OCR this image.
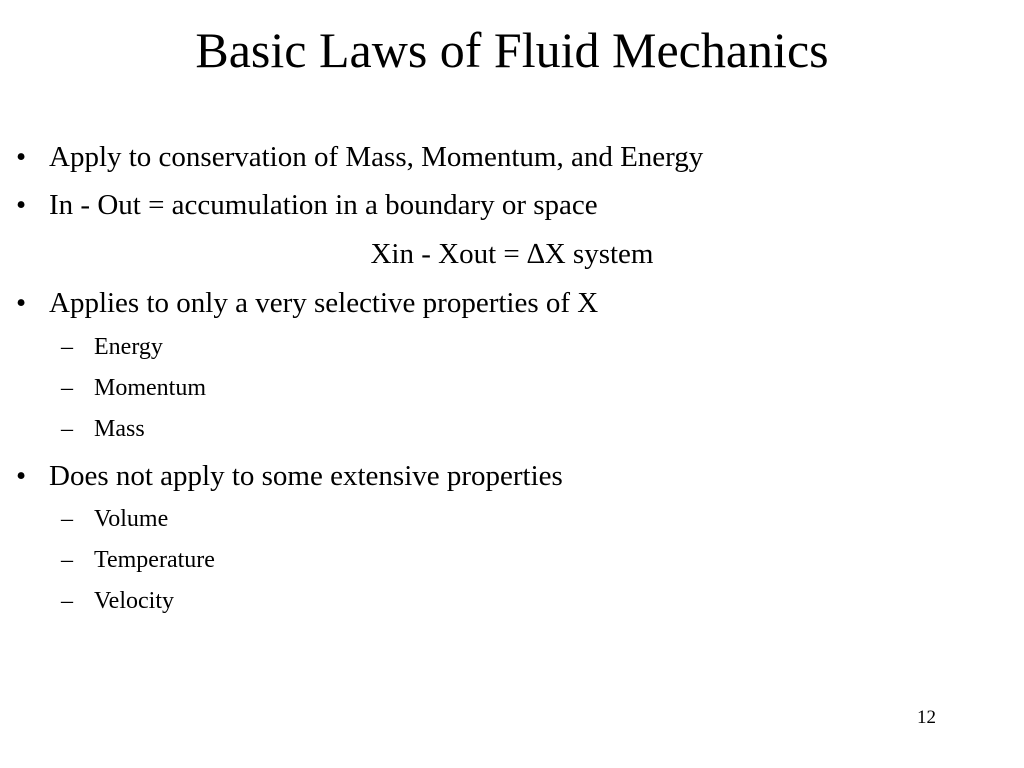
Basic Laws of Fluid Mechanics
• Apply to conservation of Mass, Momentum, and Energy
• In - Out = accumulation in a boundary or space
Xin - Xout = ∆X system
• Applies to only a very selective properties of X
– Energy
– Momentum
– Mass
• Does not apply to some extensive properties
– Volume
– Temperature
– Velocity
12
